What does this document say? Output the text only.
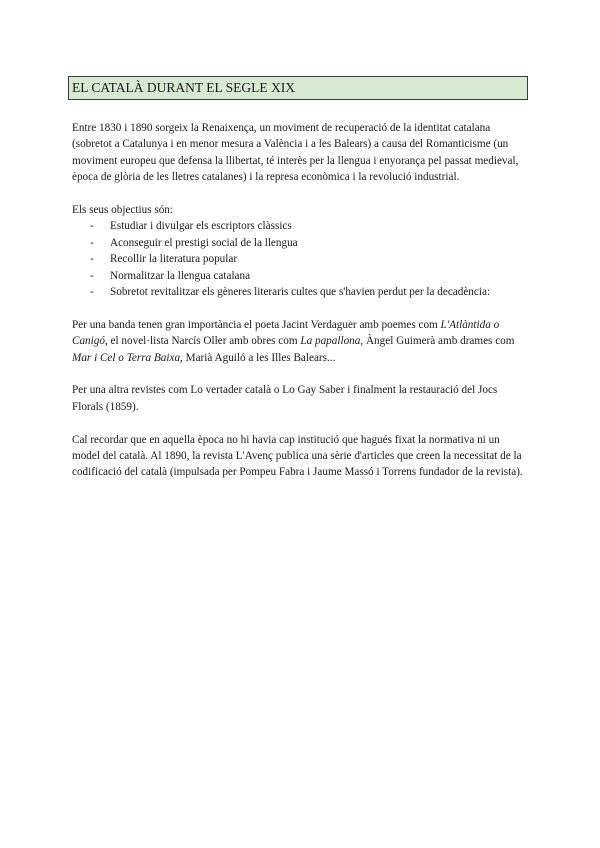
EL CATALÀ DURANT EL SEGLE XIX

Entre 1830 i 1890 sorgeix la Renaixença, un moviment de recuperació de la identitat catalana (sobretot a Catalunya i en menor mesura a València i a les Balears) a causa del Romanticisme (un moviment europeu que defensa la llibertat, té interès per la llengua i enyorança pel passat medieval, època de glòria de les lletres catalanes) i la represa econòmica i la revolució industrial.

Els seus objectius són:

- Estudiar i divulgar els escriptors clàssics
- Aconseguir el prestigi social de la llengua
- Recollir la literatura popular
- Normalitzar la llengua catalana
- Sobretot revitalitzar els gèneres literaris cultes que s'havien perdut per la decadència:

Per una banda tenen gran importància el poeta Jacint Verdaguer amb poemes com L'Atlàntida o Canigó, el novel·lista Narcís Oller amb obres com La papallona, Àngel Guimerà amb drames com Mar i Cel o Terra Baixa, Marià Aguiló a les Illes Balears...

Per una altra revistes com Lo vertader català o Lo Gay Saber i finalment la restauració del Jocs Florals (1859).

Cal recordar que en aquella època no hi havia cap institució que hagués fixat la normativa ni un model del català. Al 1890, la revista L'Avenç publica una sèrie d'articles que creen la necessitat de la codificació del català (impulsada per Pompeu Fabra i Jaume Massó i Torrens fundador de la revista).
